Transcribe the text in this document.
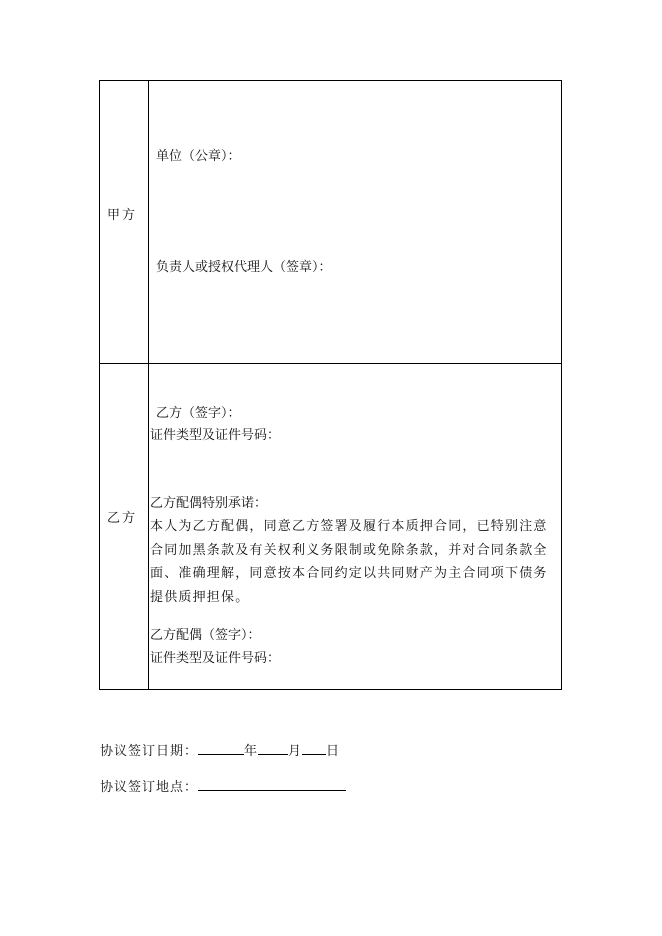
甲方
单位（公章）：
负责人或授权代理人（签章）：
乙方
乙方（签字）：
证件类型及证件号码：
乙方配偶特别承诺：
本人为乙方配偶，同意乙方签署及履行本质押合同，已特别注意合同加黑条款及有关权利义务限制或免除条款，并对合同条款全面、准确理解，同意按本合同约定以共同财产为主合同项下债务提供质押担保。
乙方配偶（签字）：
证件类型及证件号码：
协议签订日期：	年 月 日
协议签订地点：
